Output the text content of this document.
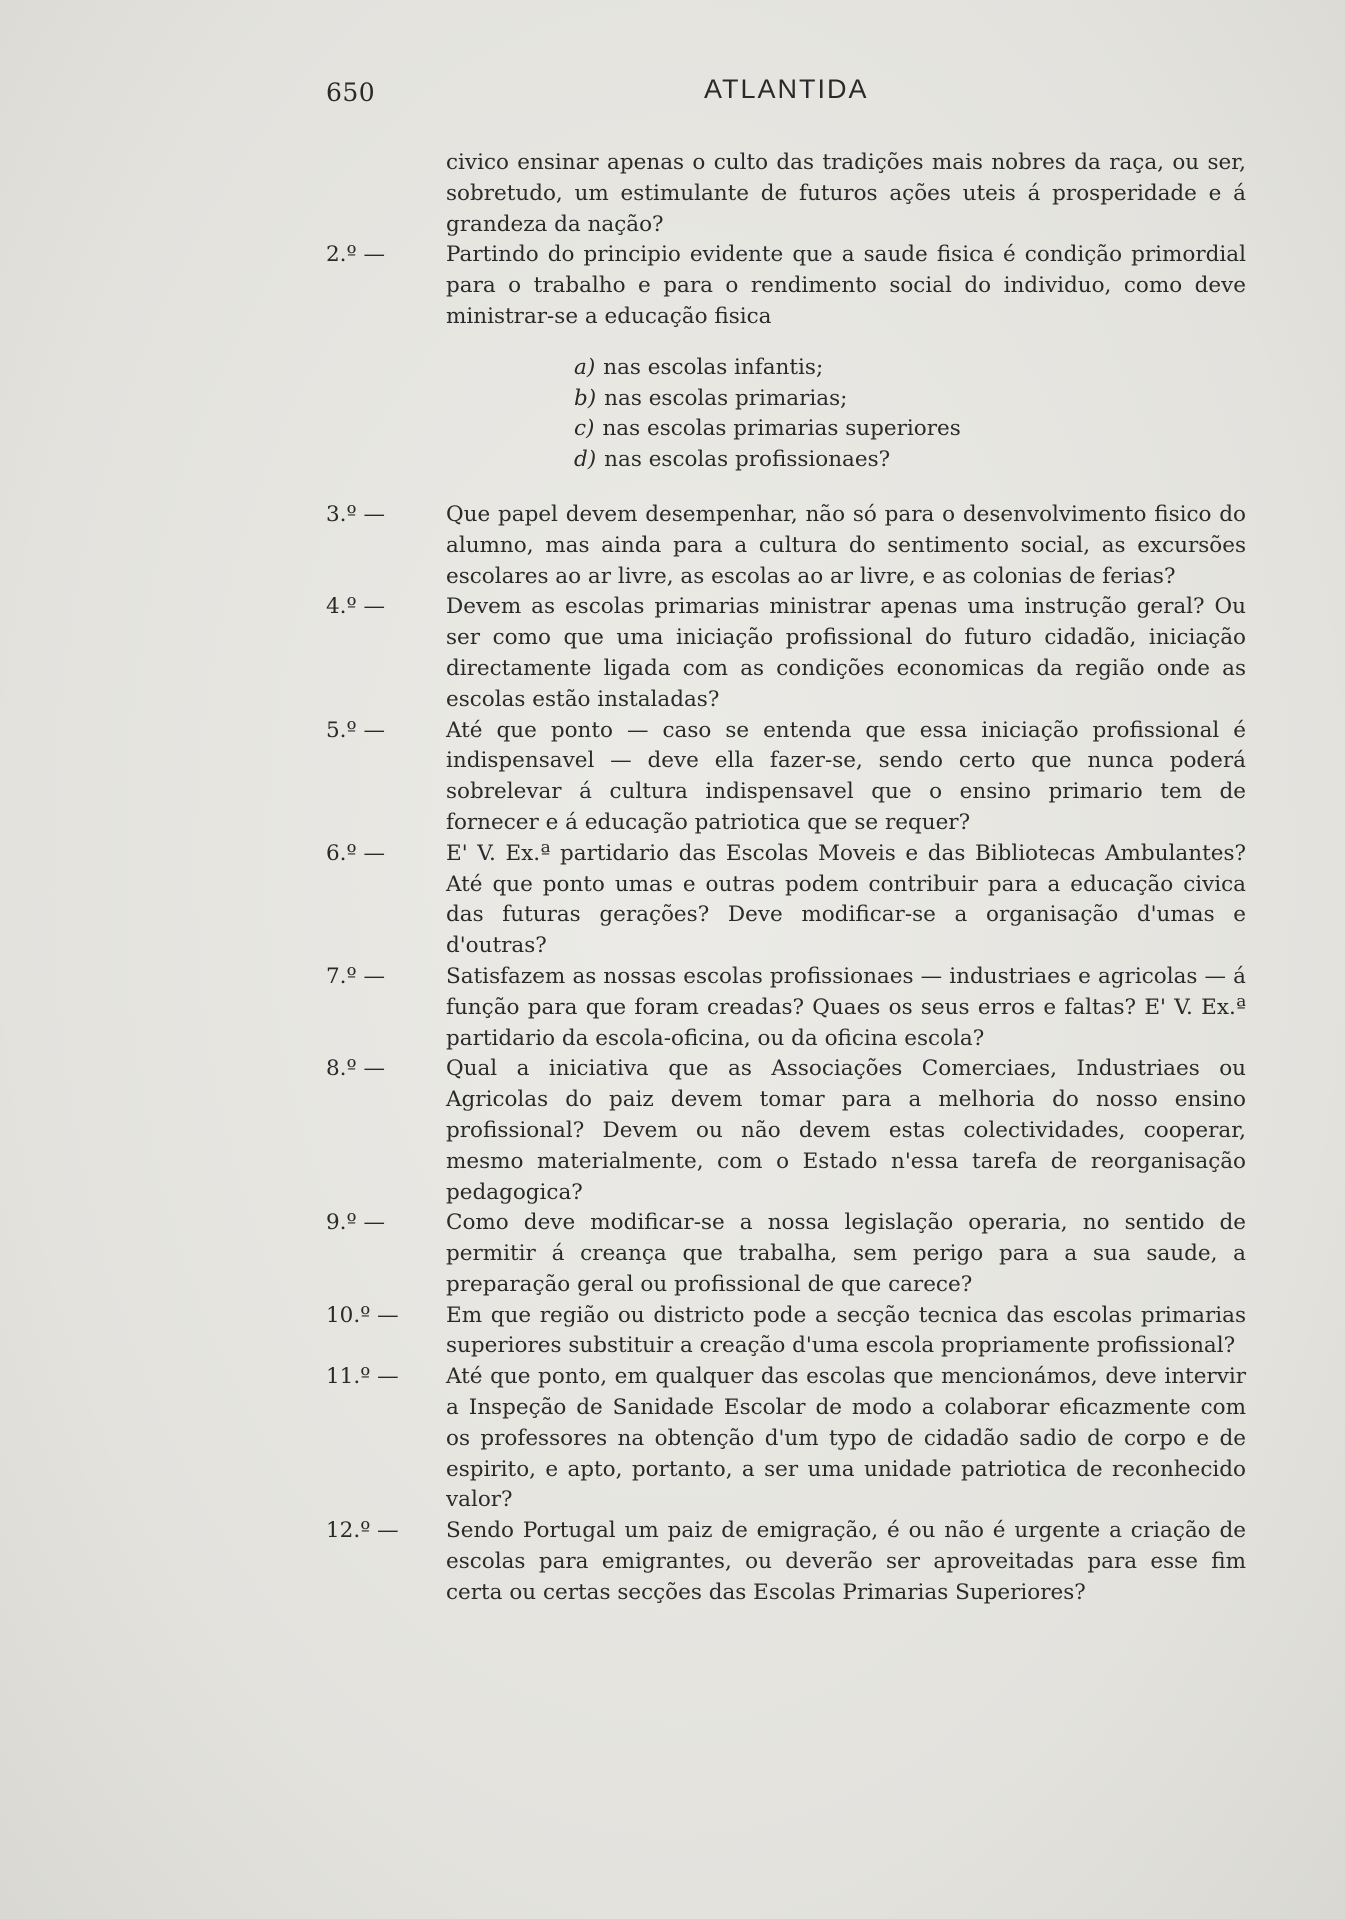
650	ATLANTIDA

civico ensinar apenas o culto das tradições mais nobres da raça, ou ser, sobretudo, um estimulante de futuros ações uteis á prosperidade e á grandeza da nação?

2.º —	Partindo do principio evidente que a saude fisica é condição primordial para o trabalho e para o rendimento social do individuo, como deve ministrar-se a educação fisica

a) nas escolas infantis;
b) nas escolas primarias;
c) nas escolas primarias superiores
d) nas escolas profissionaes?

3.º —	Que papel devem desempenhar, não só para o desenvolvimento fisico do alumno, mas ainda para a cultura do sentimento social, as excursões escolares ao ar livre, as escolas ao ar livre, e as colonias de ferias?

4.º —	Devem as escolas primarias ministrar apenas uma instrução geral? Ou ser como que uma iniciação profissional do futuro cidadão, iniciação directamente ligada com as condições economicas da região onde as escolas estão instaladas?

5.º —	Até que ponto — caso se entenda que essa iniciação profissional é indispensavel — deve ella fazer-se, sendo certo que nunca poderá sobrelevar á cultura indispensavel que o ensino primario tem de fornecer e á educação patriotica que se requer?

6.º —	E' V. Ex.ª partidario das Escolas Moveis e das Bibliotecas Ambulantes? Até que ponto umas e outras podem contribuir para a educação civica das futuras gerações? Deve modificar-se a organisação d'umas e d'outras?

7.º —	Satisfazem as nossas escolas profissionaes — industriaes e agricolas — á função para que foram creadas? Quaes os seus erros e faltas? E' V. Ex.ª partidario da escola-oficina, ou da oficina escola?

8.º —	Qual a iniciativa que as Associações Comerciaes, Industriaes ou Agricolas do paiz devem tomar para a melhoria do nosso ensino profissional? Devem ou não devem estas colectividades, cooperar, mesmo materialmente, com o Estado n'essa tarefa de reorganisação pedagogica?

9.º —	Como deve modificar-se a nossa legislação operaria, no sentido de permitir á creança que trabalha, sem perigo para a sua saude, a preparação geral ou profissional de que carece?

10.º —	Em que região ou districto pode a secção tecnica das escolas primarias superiores substituir a creação d'uma escola propriamente profissional?

11.º —	Até que ponto, em qualquer das escolas que mencionámos, deve intervir a Inspeção de Sanidade Escolar de modo a colaborar eficazmente com os professores na obtenção d'um typo de cidadão sadio de corpo e de espirito, e apto, portanto, a ser uma unidade patriotica de reconhecido valor?

12.º —	Sendo Portugal um paiz de emigração, é ou não é urgente a criação de escolas para emigrantes, ou deverão ser aproveitadas para esse fim certa ou certas secções das Escolas Primarias Superiores?
